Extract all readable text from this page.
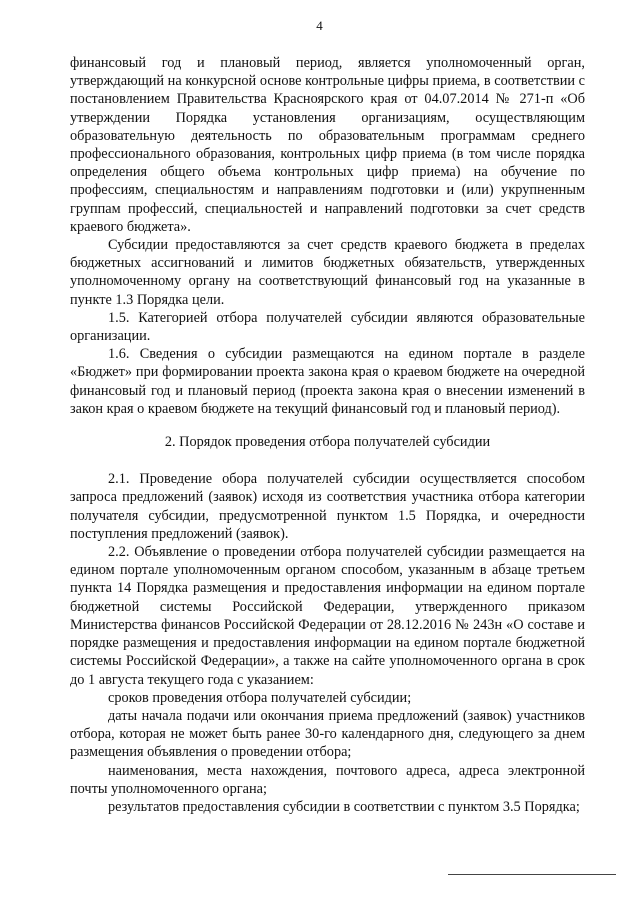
4

финансовый год и плановый период, является уполномоченный орган, утверждающий на конкурсной основе контрольные цифры приема, в соответствии с постановлением Правительства Красноярского края от 04.07.2014 № 271-п «Об утверждении Порядка установления организациям, осуществляющим образовательную деятельность по образовательным программам среднего профессионального образования, контрольных цифр приема (в том числе порядка определения общего объема контрольных цифр приема) на обучение по профессиям, специальностям и направлениям подготовки и (или) укрупненным группам профессий, специальностей и направлений подготовки за счет средств краевого бюджета».

Субсидии предоставляются за счет средств краевого бюджета в пределах бюджетных ассигнований и лимитов бюджетных обязательств, утвержденных уполномоченному органу на соответствующий финансовый год на указанные в пункте 1.3 Порядка цели.

1.5. Категорией отбора получателей субсидии являются образовательные организации.

1.6. Сведения о субсидии размещаются на едином портале в разделе «Бюджет» при формировании проекта закона края о краевом бюджете на очередной финансовый год и плановый период (проекта закона края о внесении изменений в закон края о краевом бюджете на текущий финансовый год и плановый период).

2. Порядок проведения отбора получателей субсидии

2.1. Проведение обора получателей субсидии осуществляется способом запроса предложений (заявок) исходя из соответствия участника отбора категории получателя субсидии, предусмотренной пунктом 1.5 Порядка, и очередности поступления предложений (заявок).

2.2. Объявление о проведении отбора получателей субсидии размещается на едином портале уполномоченным органом способом, указанным в абзаце третьем пункта 14 Порядка размещения и предоставления информации на едином портале бюджетной системы Российской Федерации, утвержденного приказом Министерства финансов Российской Федерации от 28.12.2016 № 243н «О составе и порядке размещения и предоставления информации на едином портале бюджетной системы Российской Федерации», а также на сайте уполномоченного органа в срок до 1 августа текущего года с указанием:

сроков проведения отбора получателей субсидии;

даты начала подачи или окончания приема предложений (заявок) участников отбора, которая не может быть ранее 30-го календарного дня, следующего за днем размещения объявления о проведении отбора;

наименования, места нахождения, почтового адреса, адреса электронной почты уполномоченного органа;

результатов предоставления субсидии в соответствии с пунктом 3.5 Порядка;
